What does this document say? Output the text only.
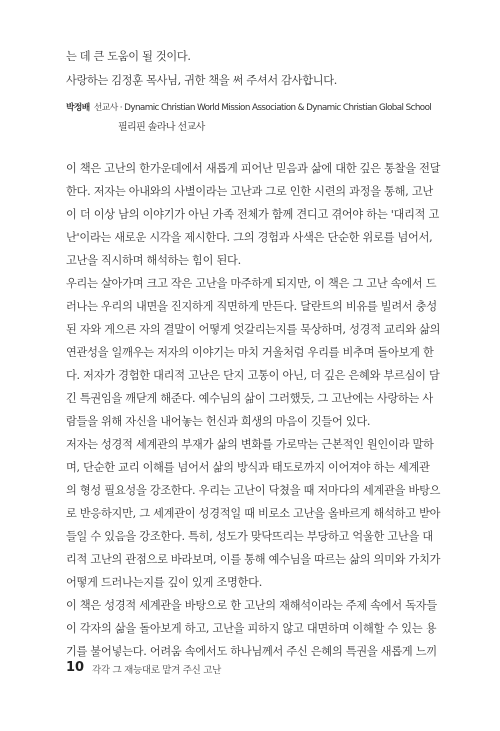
는 데 큰 도움이 될 것이다.
사랑하는 김정훈 목사님, 귀한 책을 써 주셔서 감사합니다.
박정배 선교사 · Dynamic Christian World Mission Association & Dynamic Christian Global School
필리핀 솔라나 선교사
이 책은 고난의 한가운데에서 새롭게 피어난 믿음과 삶에 대한 깊은 통찰을 전달
한다. 저자는 아내와의 사별이라는 고난과 그로 인한 시련의 과정을 통해, 고난
이 더 이상 남의 이야기가 아닌 가족 전체가 함께 견디고 겪어야 하는 '대리적 고
난'이라는 새로운 시각을 제시한다. 그의 경험과 사색은 단순한 위로를 넘어서,
고난을 직시하며 해석하는 힘이 된다.
우리는 살아가며 크고 작은 고난을 마주하게 되지만, 이 책은 그 고난 속에서 드
러나는 우리의 내면을 진지하게 직면하게 만든다. 달란트의 비유를 빌려서 충성
된 자와 게으른 자의 결말이 어떻게 엇갈리는지를 묵상하며, 성경적 교리와 삶의
연관성을 일깨우는 저자의 이야기는 마치 거울처럼 우리를 비추며 돌아보게 한
다. 저자가 경험한 대리적 고난은 단지 고통이 아닌, 더 깊은 은혜와 부르심이 담
긴 특권임을 깨닫게 해준다. 예수님의 삶이 그러했듯, 그 고난에는 사랑하는 사
람들을 위해 자신을 내어놓는 헌신과 희생의 마음이 깃들어 있다.
저자는 성경적 세계관의 부재가 삶의 변화를 가로막는 근본적인 원인이라 말하
며, 단순한 교리 이해를 넘어서 삶의 방식과 태도로까지 이어져야 하는 세계관
의 형성 필요성을 강조한다. 우리는 고난이 닥쳤을 때 저마다의 세계관을 바탕으
로 반응하지만, 그 세계관이 성경적일 때 비로소 고난을 올바르게 해석하고 받아
들일 수 있음을 강조한다. 특히, 성도가 맞닥뜨리는 부당하고 억울한 고난을 대
리적 고난의 관점으로 바라보며, 이를 통해 예수님을 따르는 삶의 의미와 가치가
어떻게 드러나는지를 깊이 있게 조명한다.
이 책은 성경적 세계관을 바탕으로 한 고난의 재해석이라는 주제 속에서 독자들
이 각자의 삶을 돌아보게 하고, 고난을 피하지 않고 대면하며 이해할 수 있는 용
기를 불어넣는다. 어려움 속에서도 하나님께서 주신 은혜의 특권을 새롭게 느끼
10 각각 그 재능대로 맡겨 주신 고난
